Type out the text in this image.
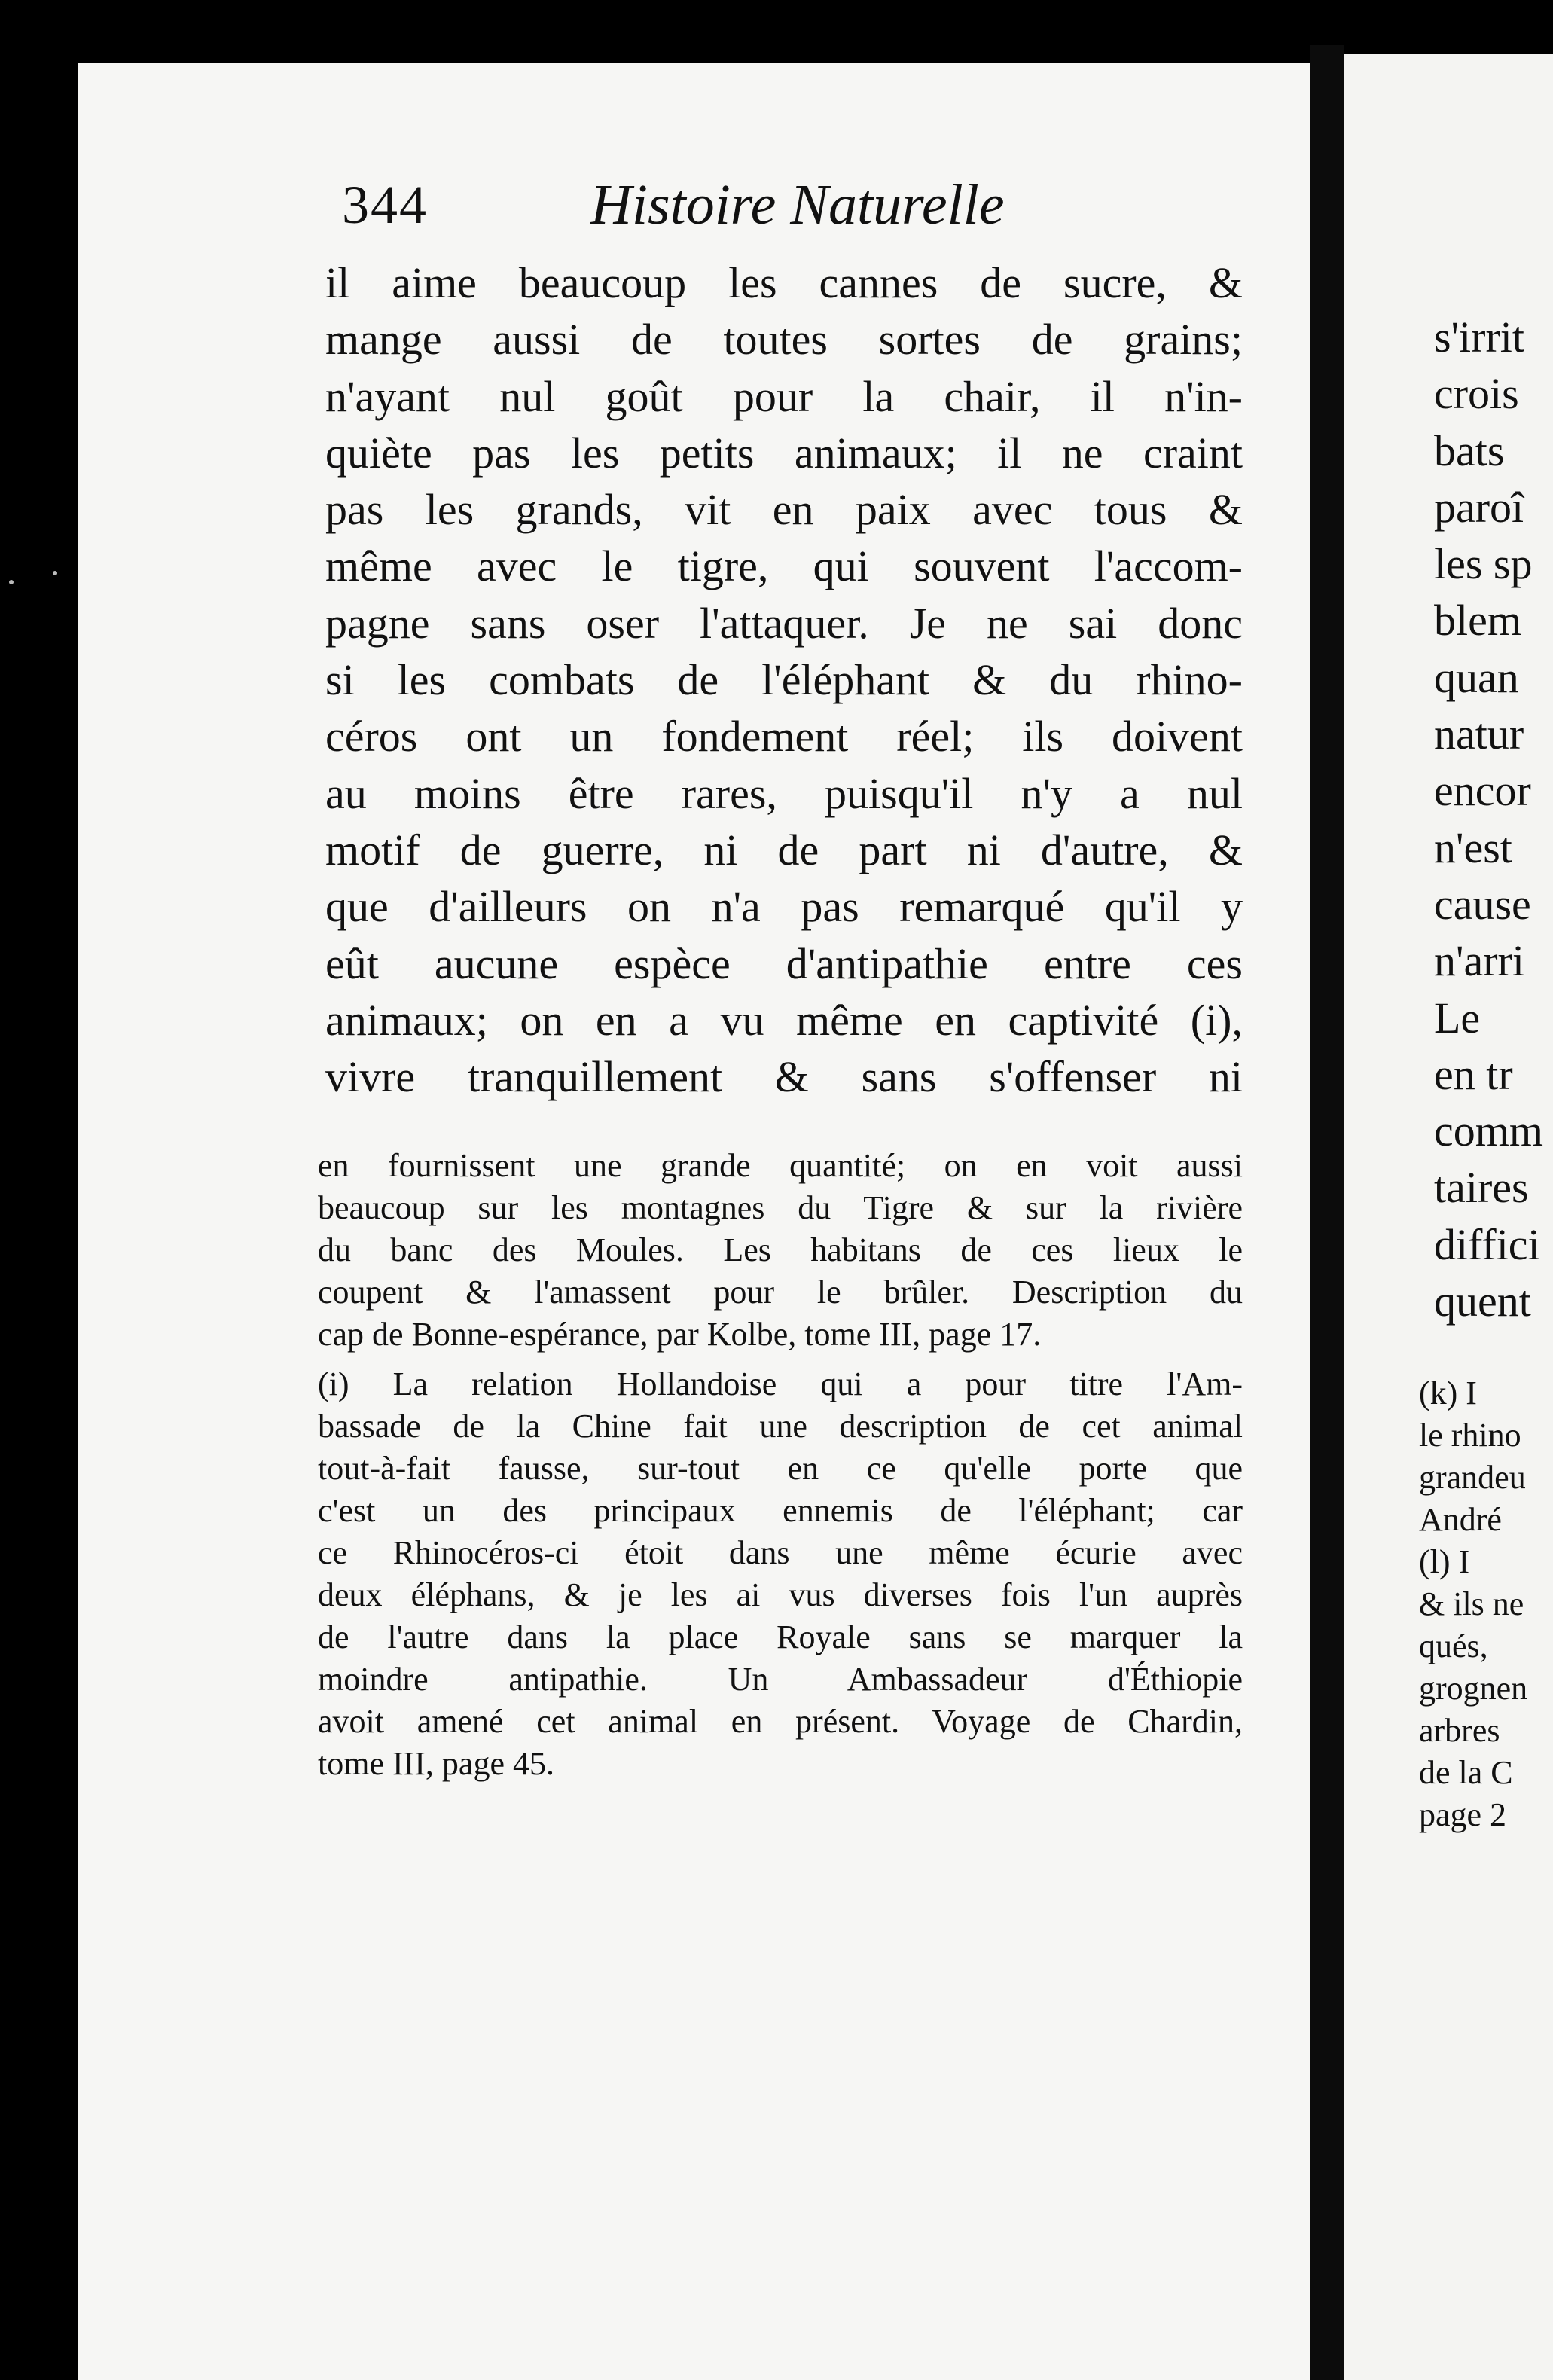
s'irrit
crois
bats
paroî
les sp
blem
quan
natur
encor
n'est
cause
n'arri
Le
en tr
comm
taires
diffici
quent
(k) I
le rhino
grandeu
André
(l) I
& ils ne
qués,
grognen
arbres
de la C
page 2
344	Histoire Naturelle
il aime beaucoup les cannes de sucre, &
mange aussi de toutes sortes de grains;
n'ayant nul goût pour la chair, il n'in-
quiète pas les petits animaux; il ne craint
pas les grands, vit en paix avec tous &
même avec le tigre, qui souvent l'accom-
pagne sans oser l'attaquer. Je ne sai donc
si les combats de l'éléphant & du rhino-
céros ont un fondement réel; ils doivent
au moins être rares, puisqu'il n'y a nul
motif de guerre, ni de part ni d'autre, &
que d'ailleurs on n'a pas remarqué qu'il y
eût aucune espèce d'antipathie entre ces
animaux; on en a vu même en captivité (i),
vivre tranquillement & sans s'offenser ni
en fournissent une grande quantité; on en voit aussi
beaucoup sur les montagnes du Tigre & sur la rivière
du banc des Moules. Les habitans de ces lieux le
coupent & l'amassent pour le brûler. Description du
cap de Bonne-espérance, par Kolbe, tome III, page 17.
(i) La relation Hollandoise qui a pour titre l'Am-
bassade de la Chine fait une description de cet animal
tout-à-fait fausse, sur-tout en ce qu'elle porte que
c'est un des principaux ennemis de l'éléphant; car
ce Rhinocéros-ci étoit dans une même écurie avec
deux éléphans, & je les ai vus diverses fois l'un auprès
de l'autre dans la place Royale sans se marquer la
moindre antipathie. Un Ambassadeur d'Éthiopie
avoit amené cet animal en présent. Voyage de Chardin,
tome III, page 45.
